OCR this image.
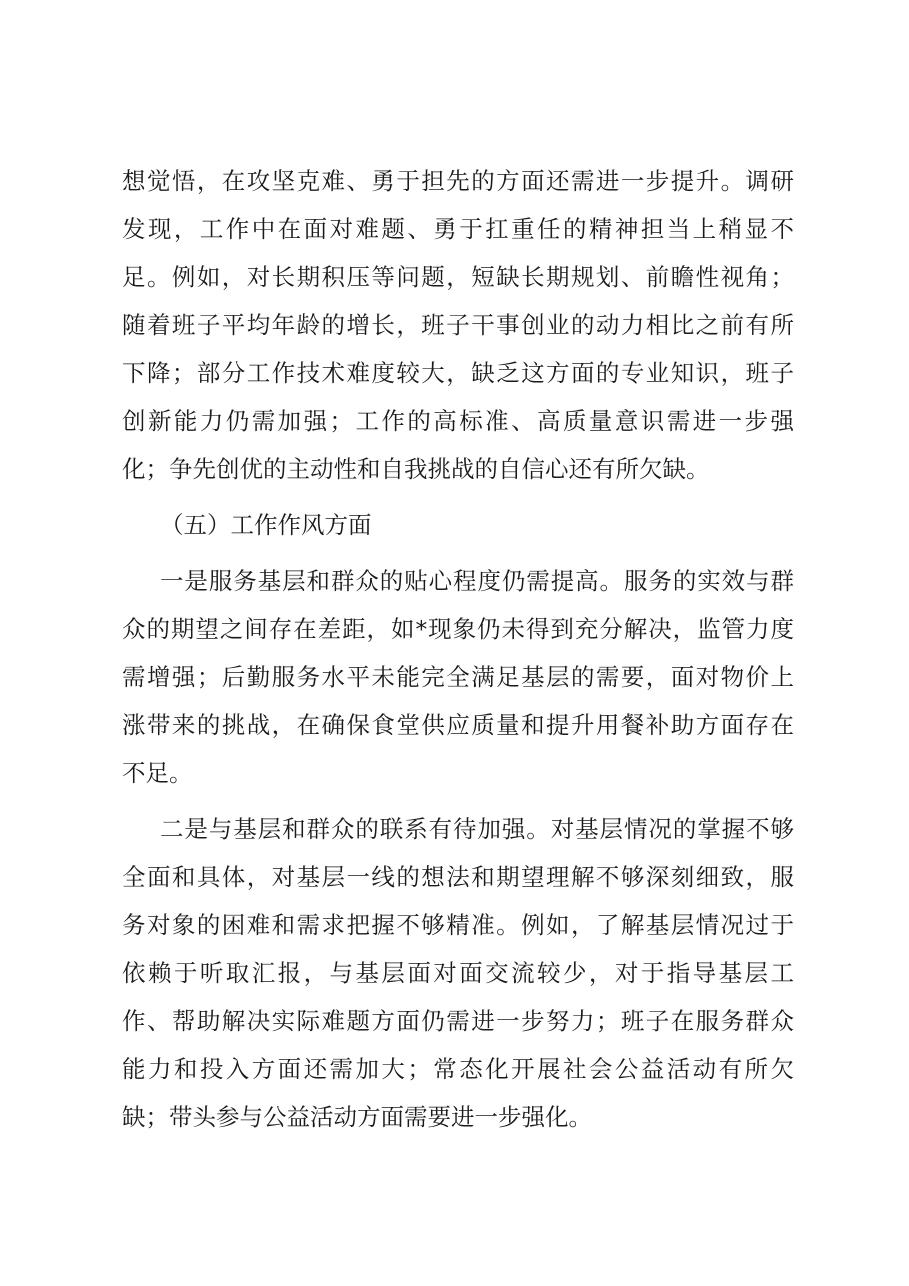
想觉悟，在攻坚克难、勇于担先的方面还需进一步提升。调研
发现，工作中在面对难题、勇于扛重任的精神担当上稍显不
足。例如，对长期积压等问题，短缺长期规划、前瞻性视角；
随着班子平均年龄的增长，班子干事创业的动力相比之前有所
下降；部分工作技术难度较大，缺乏这方面的专业知识，班子
创新能力仍需加强；工作的高标准、高质量意识需进一步强
化；争先创优的主动性和自我挑战的自信心还有所欠缺。
（五）工作作风方面
一是服务基层和群众的贴心程度仍需提高。服务的实效与群
众的期望之间存在差距，如*现象仍未得到充分解决，监管力度
需增强；后勤服务水平未能完全满足基层的需要，面对物价上
涨带来的挑战，在确保食堂供应质量和提升用餐补助方面存在
不足。
二是与基层和群众的联系有待加强。对基层情况的掌握不够
全面和具体，对基层一线的想法和期望理解不够深刻细致，服
务对象的困难和需求把握不够精准。例如，了解基层情况过于
依赖于听取汇报，与基层面对面交流较少，对于指导基层工
作、帮助解决实际难题方面仍需进一步努力；班子在服务群众
能力和投入方面还需加大；常态化开展社会公益活动有所欠
缺；带头参与公益活动方面需要进一步强化。
